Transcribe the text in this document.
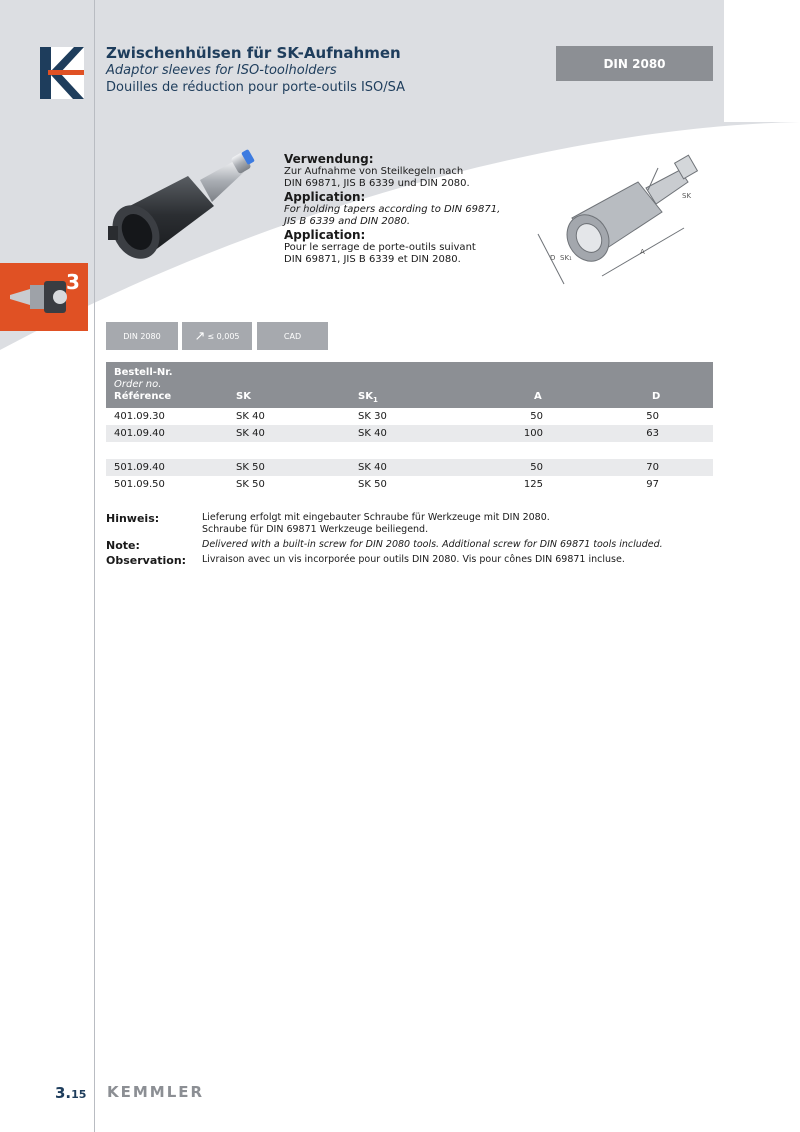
Zwischenhülsen für SK-Aufnahmen
Adaptor sleeves for ISO-toolholders
Douilles de réduction pour porte-outils ISO/SA
DIN 2080
3
Verwendung:
Zur Aufnahme von Steilkegeln nach
DIN 69871, JIS B 6339 und DIN 2080.
Application:
For holding tapers according to DIN 69871,
JIS B 6339 and DIN 2080.
Application:
Pour le serrage de porte-outils suivant
DIN 69871, JIS B 6339 et DIN 2080.
SK
D SK₁
A
DIN 2080	↗ ≤ 0,005	CAD
Bestell-Nr.
Order no.
Référence	SK	$SK_1$	A	D
401.09.30	SK 40	SK 30	50	50
401.09.40	SK 40	SK 40	100	63
501.09.40	SK 50	SK 40	50	70
501.09.50	SK 50	SK 50	125	97
Hinweis:	Lieferung erfolgt mit eingebauter Schraube für Werkzeuge mit DIN 2080.
Schraube für DIN 69871 Werkzeuge beiliegend.
Note:	Delivered with a built-in screw for DIN 2080 tools. Additional screw for DIN 69871 tools included.
Observation: Livraison avec un vis incorporée pour outils DIN 2080. Vis pour cônes DIN 69871 incluse.
3.15 KEMMLER
